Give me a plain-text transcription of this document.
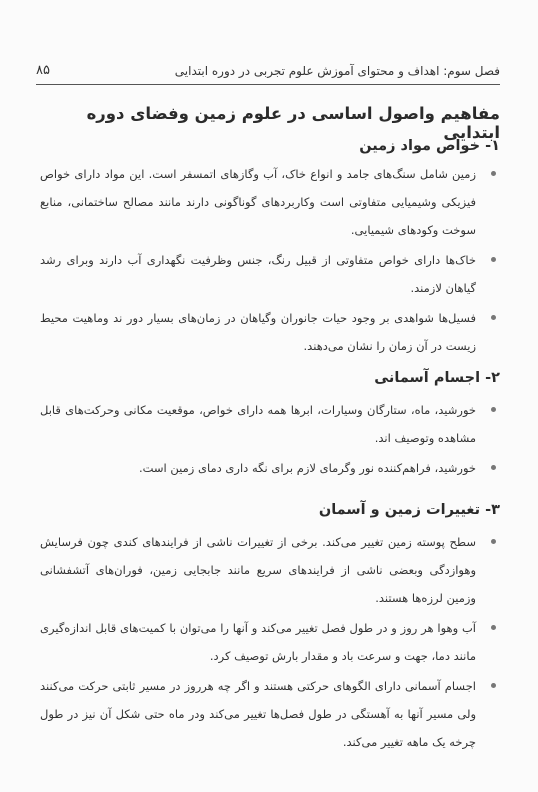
۸۵	فصل سوم: اهداف و محتوای آموزش علوم تجربی در دوره ابتدایی
مفاهیم واصول اساسی در علوم زمین وفضای دوره ابتدایی
۱- خواص مواد زمین
زمین شامل سنگ‌های جامد و انواع خاک، آب وگازهای اتمسفر است. این مواد دارای خواص فیزیکی وشیمیایی متفاوتی است وکاربردهای گوناگونی دارند مانند مصالح ساختمانی، منابع سوخت وکودهای شیمیایی.
خاک‌ها دارای خواص متفاوتی از قبیل رنگ، جنس وظرفیت نگهداری آب دارند وبرای رشد گیاهان لازمند.
فسیل‌ها شواهدی بر وجود حیات جانوران وگیاهان در زمان‌های بسیار دور ند وماهیت محیط زیست در آن زمان را نشان می‌دهند.
۲- اجسام آسمانی
خورشید، ماه، ستارگان وسیارات، ابرها همه دارای خواص، موقعیت مکانی وحرکت‌های قابل مشاهده وتوصیف اند.
خورشید، فراهم‌کننده نور وگرمای لازم برای نگه داری دمای زمین است.
۳- تغییرات زمین و آسمان
سطح پوسته زمین تغییر می‌کند. برخی از تغییرات ناشی از فرایندهای کندی چون فرسایش وهوازدگی وبعضی ناشی از فرایندهای سریع مانند جابجایی زمین، فوران‌های آتشفشانی وزمین لرزه‌ها هستند.
آب وهوا هر روز و در طول فصل تغییر می‌کند و آنها را می‌توان با کمیت‌های قابل اندازه‌گیری مانند دما، جهت و سرعت باد و مقدار بارش توصیف کرد.
اجسام آسمانی دارای الگوهای حرکتی هستند و اگر چه هرروز در مسیر ثابتی حرکت می‌کنند ولی مسیر آنها به آهستگی در طول فصل‌ها تغییر می‌کند ودر ماه حتی شکل آن نیز در طول چرخه یک ماهه تغییر می‌کند.
